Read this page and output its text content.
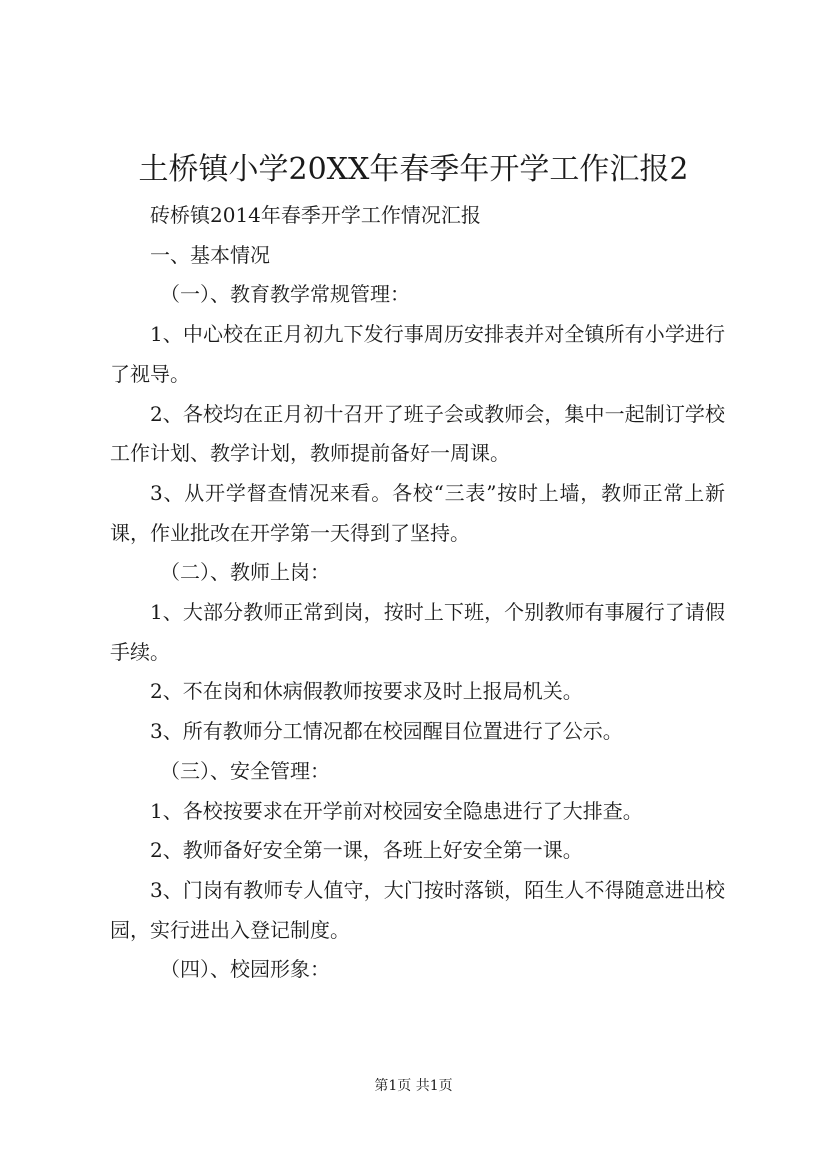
土桥镇小学20XX年春季年开学工作汇报2

砖桥镇2014年春季开学工作情况汇报

一、基本情况

（一）、教育教学常规管理：

1、中心校在正月初九下发行事周历安排表并对全镇所有小学进行了视导。

2、各校均在正月初十召开了班子会或教师会，集中一起制订学校工作计划、教学计划，教师提前备好一周课。

3、从开学督查情况来看。各校“三表”按时上墙，教师正常上新课，作业批改在开学第一天得到了坚持。

（二）、教师上岗：

1、大部分教师正常到岗，按时上下班，个别教师有事履行了请假手续。

2、不在岗和休病假教师按要求及时上报局机关。

3、所有教师分工情况都在校园醒目位置进行了公示。

（三）、安全管理：

1、各校按要求在开学前对校园安全隐患进行了大排查。

2、教师备好安全第一课，各班上好安全第一课。

3、门岗有教师专人值守，大门按时落锁，陌生人不得随意进出校园，实行进出入登记制度。

（四）、校园形象：

第1页 共1页
